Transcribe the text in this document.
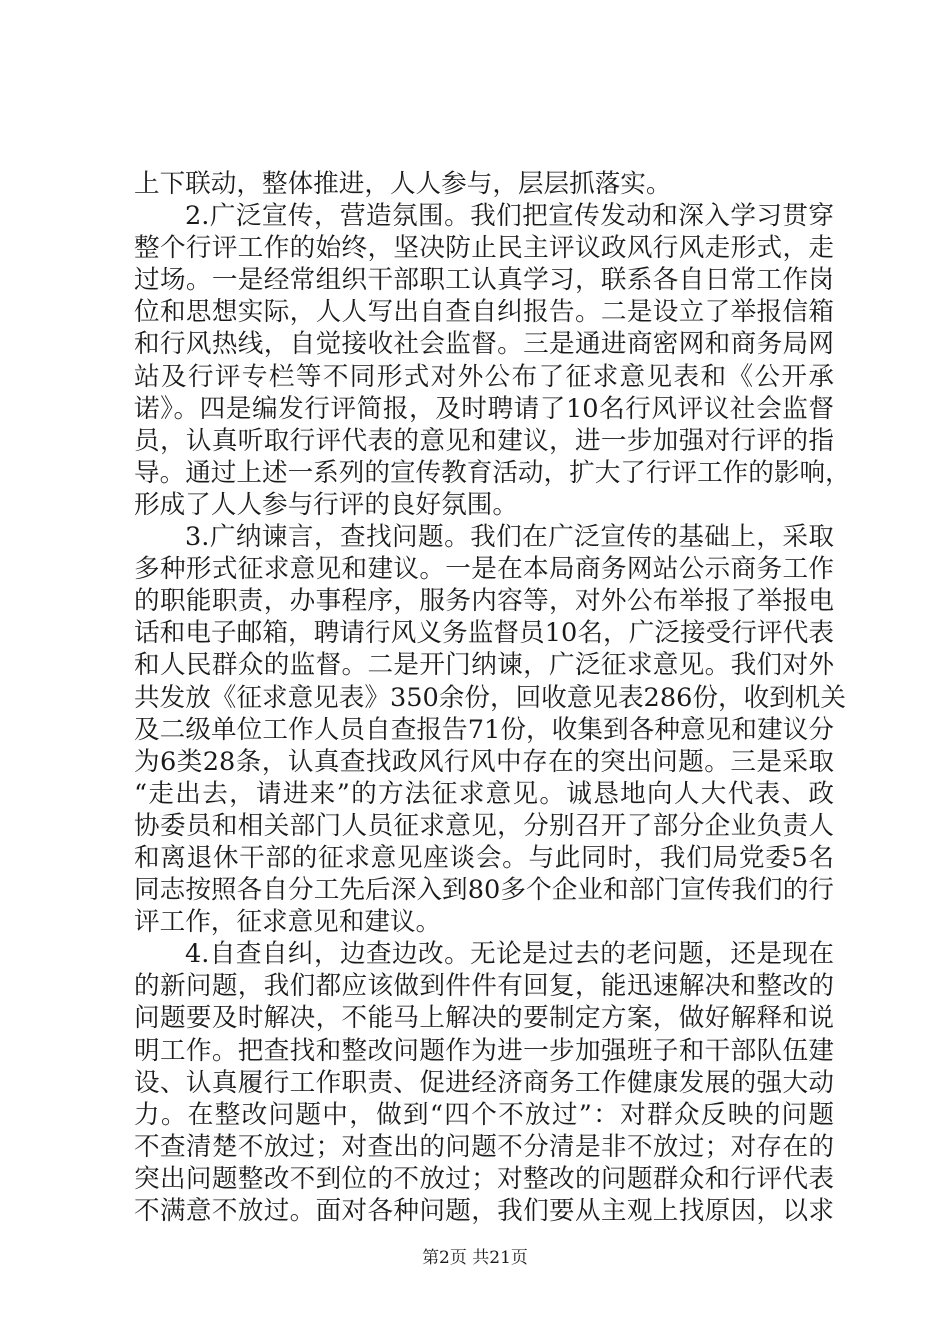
上下联动，整体推进，人人参与，层层抓落实。
2.广泛宣传，营造氛围。我们把宣传发动和深入学习贯穿
整个行评工作的始终，坚决防止民主评议政风行风走形式，走
过场。一是经常组织干部职工认真学习，联系各自日常工作岗
位和思想实际，人人写出自查自纠报告。二是设立了举报信箱
和行风热线，自觉接收社会监督。三是通进商密网和商务局网
站及行评专栏等不同形式对外公布了征求意见表和《公开承
诺》。四是编发行评简报，及时聘请了10名行风评议社会监督
员，认真听取行评代表的意见和建议，进一步加强对行评的指
导。通过上述一系列的宣传教育活动，扩大了行评工作的影响，
形成了人人参与行评的良好氛围。
3.广纳谏言，查找问题。我们在广泛宣传的基础上，采取
多种形式征求意见和建议。一是在本局商务网站公示商务工作
的职能职责，办事程序，服务内容等，对外公布举报了举报电
话和电子邮箱，聘请行风义务监督员10名，广泛接受行评代表
和人民群众的监督。二是开门纳谏，广泛征求意见。我们对外
共发放《征求意见表》350余份，回收意见表286份，收到机关
及二级单位工作人员自查报告71份，收集到各种意见和建议分
为6类28条，认真查找政风行风中存在的突出问题。三是采取
“走出去，请进来”的方法征求意见。诚恳地向人大代表、政
协委员和相关部门人员征求意见，分别召开了部分企业负责人
和离退休干部的征求意见座谈会。与此同时，我们局党委5名
同志按照各自分工先后深入到80多个企业和部门宣传我们的行
评工作，征求意见和建议。
4.自查自纠，边查边改。无论是过去的老问题，还是现在
的新问题，我们都应该做到件件有回复，能迅速解决和整改的
问题要及时解决，不能马上解决的要制定方案，做好解释和说
明工作。把查找和整改问题作为进一步加强班子和干部队伍建
设、认真履行工作职责、促进经济商务工作健康发展的强大动
力。在整改问题中，做到“四个不放过”：对群众反映的问题
不查清楚不放过；对查出的问题不分清是非不放过；对存在的
突出问题整改不到位的不放过；对整改的问题群众和行评代表
不满意不放过。面对各种问题，我们要从主观上找原因，以求
第2页 共21页
